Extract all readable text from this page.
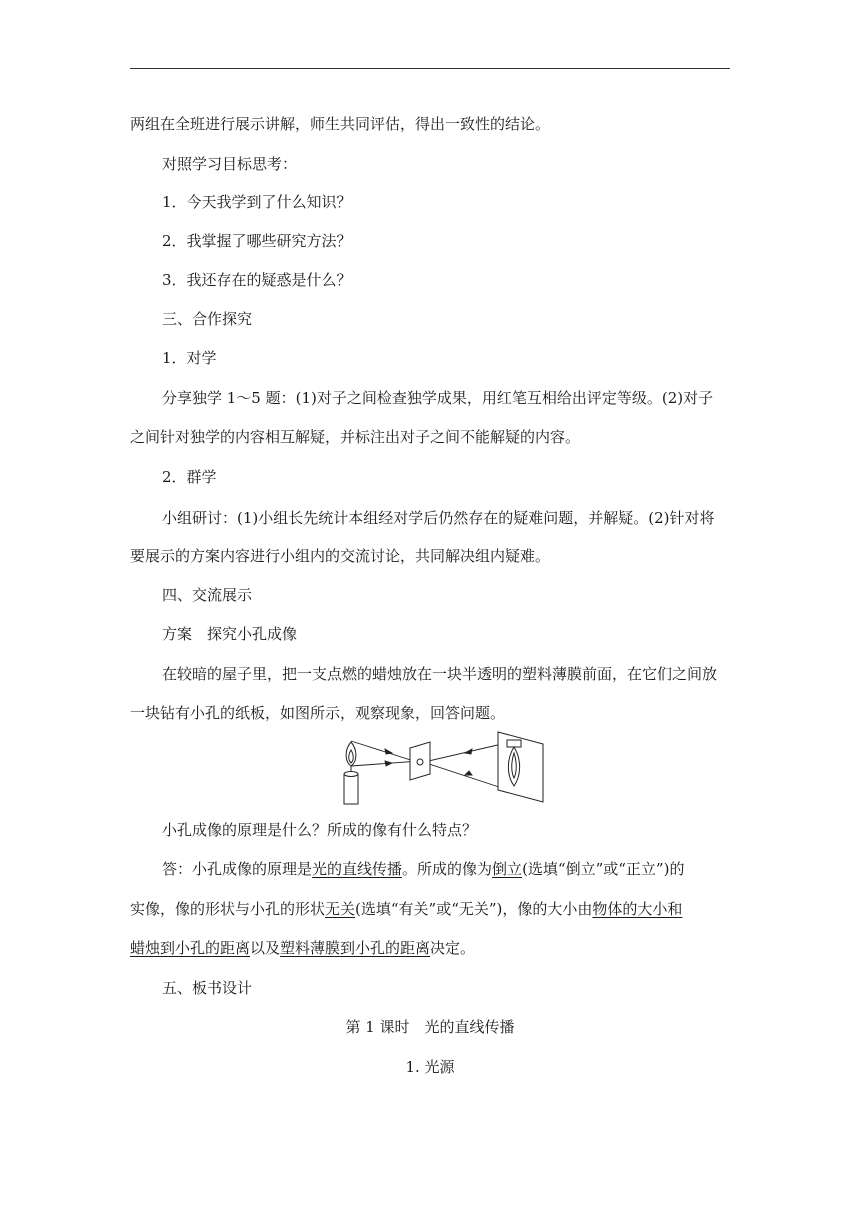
两组在全班进行展示讲解，师生共同评估，得出一致性的结论。
对照学习目标思考：
1．今天我学到了什么知识？
2．我掌握了哪些研究方法？
3．我还存在的疑惑是什么？
三、合作探究
1．对学
分享独学 1～5 题：(1)对子之间检查独学成果，用红笔互相给出评定等级。(2)对子
之间针对独学的内容相互解疑，并标注出对子之间不能解疑的内容。
2．群学
小组研讨：(1)小组长先统计本组经对学后仍然存在的疑难问题，并解疑。(2)针对将
要展示的方案内容进行小组内的交流讨论，共同解决组内疑难。
四、交流展示
方案　探究小孔成像
在较暗的屋子里，把一支点燃的蜡烛放在一块半透明的塑料薄膜前面，在它们之间放
一块钻有小孔的纸板，如图所示，观察现象，回答问题。
小孔成像的原理是什么？所成的像有什么特点？
答：小孔成像的原理是光的直线传播。所成的像为倒立(选填“倒立”或“正立”)的
实像，像的形状与小孔的形状无关(选填“有关”或“无关”)，像的大小由物体的大小和
蜡烛到小孔的距离以及塑料薄膜到小孔的距离决定。
五、板书设计
第 1 课时　光的直线传播
1. 光源
